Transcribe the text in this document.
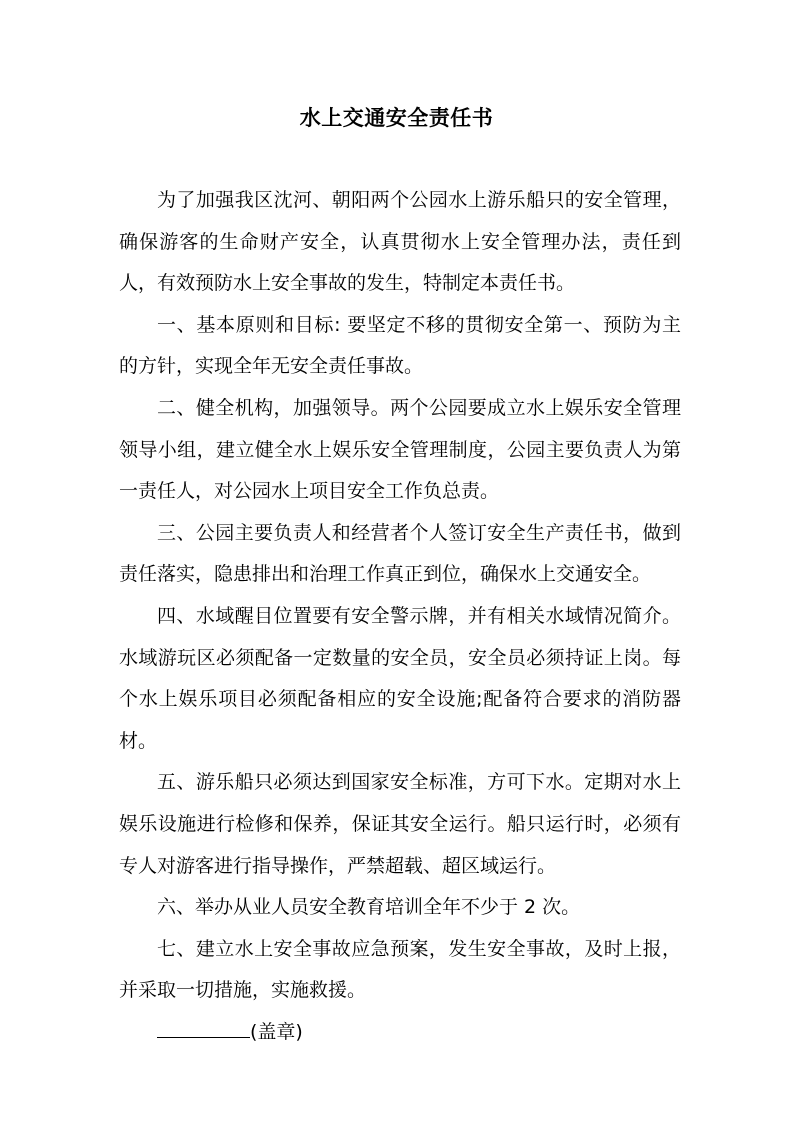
水上交通安全责任书

为了加强我区沈河、朝阳两个公园水上游乐船只的安全管理，确保游客的生命财产安全，认真贯彻水上安全管理办法，责任到人，有效预防水上安全事故的发生，特制定本责任书。

一、基本原则和目标: 要坚定不移的贯彻安全第一、预防为主的方针，实现全年无安全责任事故。

二、健全机构，加强领导。两个公园要成立水上娱乐安全管理领导小组，建立健全水上娱乐安全管理制度，公园主要负责人为第一责任人，对公园水上项目安全工作负总责。

三、公园主要负责人和经营者个人签订安全生产责任书，做到责任落实，隐患排出和治理工作真正到位，确保水上交通安全。

四、水域醒目位置要有安全警示牌，并有相关水域情况简介。水域游玩区必须配备一定数量的安全员，安全员必须持证上岗。每个水上娱乐项目必须配备相应的安全设施;配备符合要求的消防器材。

五、游乐船只必须达到国家安全标准，方可下水。定期对水上娱乐设施进行检修和保养，保证其安全运行。船只运行时，必须有专人对游客进行指导操作，严禁超载、超区域运行。

六、举办从业人员安全教育培训全年不少于 2 次。

七、建立水上安全事故应急预案，发生安全事故，及时上报，并采取一切措施，实施救援。

(盖章)
